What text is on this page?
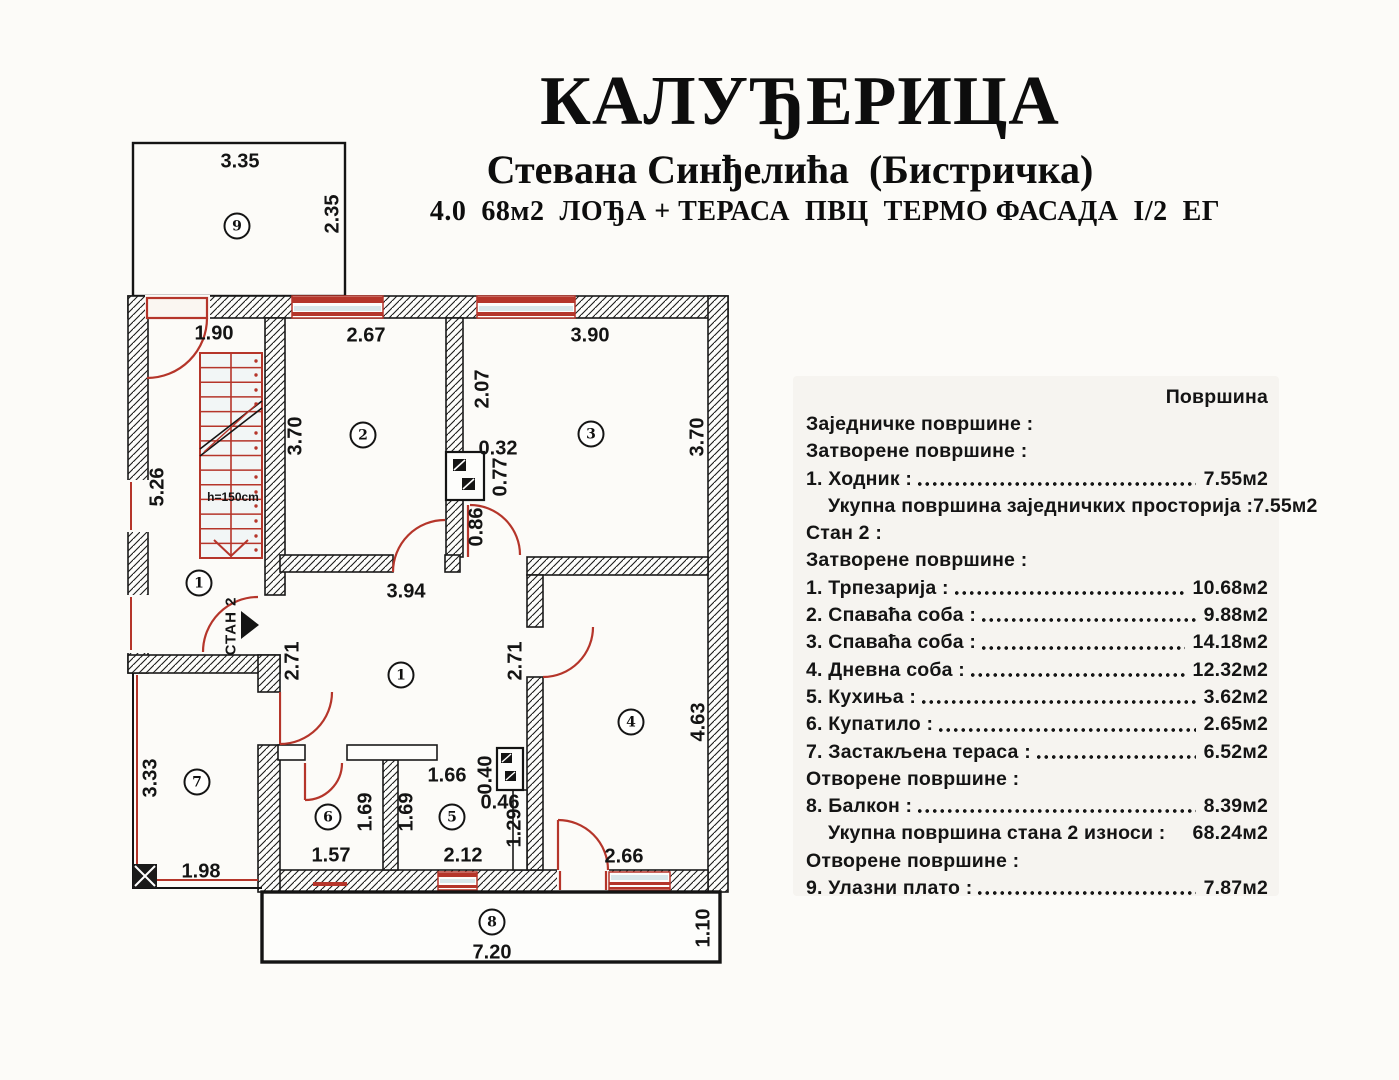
КАЛУЂЕРИЦА
Стевана Синђелића  (Бистричка)
4.0  68м2  ЛОЂА + ТЕРАСА  ПВЦ  ТЕРМО ФАСАДА  I/2  ЕГ
h=150cm
СТАН 2
3.35
2.35
1.90	2.67	3.90
2.07
3.70	3.70
0.32
0.77
0.86
5.26
3.94
2.71	2.71
4.63
1.66 0.40
0.46
1.29
1.69 1.69
1.57	2.12	2.66
3.33
1.98
7.20
1.10
9
2	3
1
1
4
6	5
7
8
Површина
Заједничке површине :
Затворене површине :
1. Ходник :	7.55м2
Укупна површина заједничких просторија : 7.55м2
Стан 2 :
Затворене површине :
1. Трпезарија :	10.68м2
2. Спаваћа соба :	9.88м2
3. Спаваћа соба :	14.18м2
4. Дневна соба :	12.32м2
5. Кухиња :	3.62м2
6. Купатило :	2.65м2
7. Застакљена тераса :	6.52м2
Отворене површине :
8. Балкон :	8.39м2
Укупна површина стана 2 износи : 68.24м2
Отворене површине :
9. Улазни плато :	7.87м2
